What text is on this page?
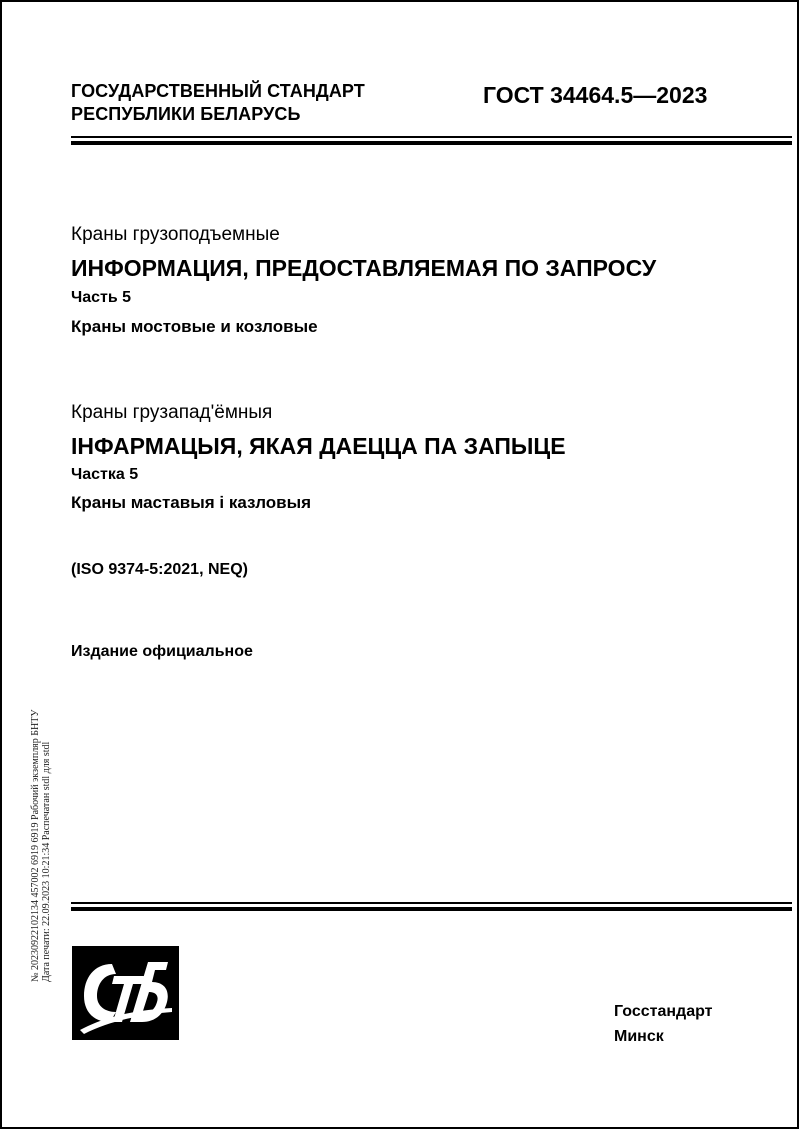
ГОСУДАРСТВЕННЫЙ СТАНДАРТ
РЕСПУБЛИКИ БЕЛАРУСЬ
ГОСТ 34464.5—2023
Краны грузоподъемные
ИНФОРМАЦИЯ, ПРЕДОСТАВЛЯЕМАЯ ПО ЗАПРОСУ
Часть 5
Краны мостовые и козловые
Краны грузапад'ёмныя
ІНФАРМАЦЫЯ, ЯКАЯ ДАЕЦЦА ПА ЗАПЫЦЕ
Частка 5
Краны маставыя і казловыя
(ISO 9374-5:2021, NEQ)
Издание официальное
№ 20230922102134 457002 6919 6919 Рабочий экземпляр БНТУ Дата печати: 22.09.2023 10:21:34 Распечатан stdl для stdl
Госстандарт
Минск
